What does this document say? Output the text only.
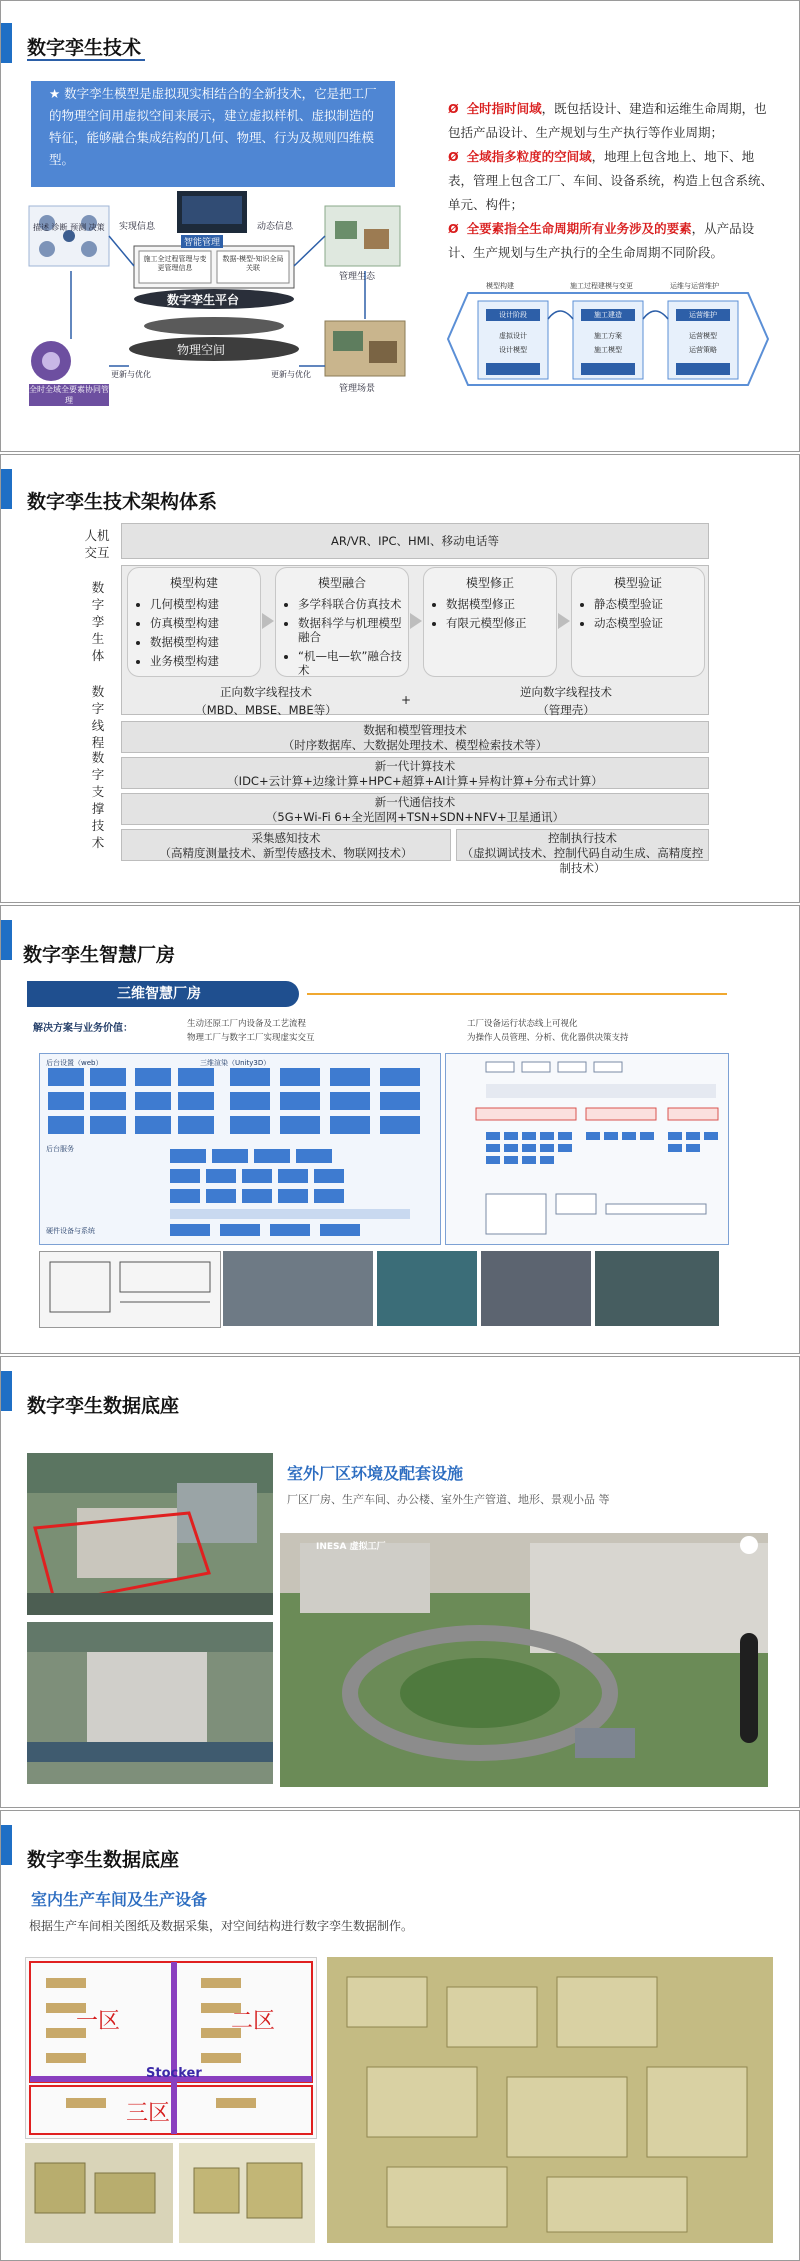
数字孪生技术
★ 数字孪生模型是虚拟现实相结合的全新技术，它是把工厂的物理空间用虚拟空间来展示，建立虚拟样机、虚拟制造的特征，能够融合集成结构的几何、物理、行为及规则四维模型。
描述 诊断 预测 决策	实现信息
智能管理
动态信息
管理生态
施工全过程管理与变更管理信息
数据-模型-知识全局关联
数字孪生平台
物理空间
全时全域全要素协同管理
更新与优化	更新与优化
管理场景
Ø 全时指时间域，既包括设计、建造和运维生命周期，也包括产品设计、生产规划与生产执行等作业周期；
Ø 全域指多粒度的空间域，地理上包含地上、地下、地表，管理上包含工厂、车间、设备系统，构造上包含系统、单元、构件；
Ø 全要素指全生命周期所有业务涉及的要素，从产品设计、生产规划与生产执行的全生命周期不同阶段。
模型构建	施工过程建模与变更	运维与运营维护
设计阶段	施工建造	运营维护
虚拟设计
设计模型
施工方案
施工模型
运营模型
运营策略
数字孪生技术架构体系
人机交互
AR/VR、IPC、HMI、移动电话等
数字孪生体
模型构建
• 几何模型构建
• 仿真模型构建
• 数据模型构建
• 业务模型构建
模型融合
• 多学科联合仿真技术
• 数据科学与机理模型融合
• “机—电—软”融合技术
模型修正
• 数据模型修正
• 有限元模型修正
模型验证
• 静态模型验证
• 动态模型验证
数字线程
正向数字线程技术
（MBD、MBSE、MBE等）
+
逆向数字线程技术
（管理壳）
数字支撑技术
数据和模型管理技术
（时序数据库、大数据处理技术、模型检索技术等）
新一代计算技术
（IDC+云计算+边缘计算+HPC+超算+AI计算+异构计算+分布式计算）
新一代通信技术
（5G+Wi-Fi 6+全光固网+TSN+SDN+NFV+卫星通讯）
采集感知技术
（高精度测量技术、新型传感技术、物联网技术）
控制执行技术
（虚拟调试技术、控制代码自动生成、高精度控制技术）
数字孪生智慧厂房
三维智慧厂房
解决方案与业务价值：	生动还原工厂内设备及工艺流程
物理工厂与数字工厂实现虚实交互
工厂设备运行状态线上可视化
为操作人员管理、分析、优化器供决策支持
后台设置（web）	三维渲染（Unity3D）
后台服务
硬件设备与系统
数字孪生数据底座
室外厂区环境及配套设施
厂区厂房、生产车间、办公楼、室外生产管道、地形、景观小品 等
INESA 虚拟工厂
数字孪生数据底座
室内生产车间及生产设备
根据生产车间相关图纸及数据采集，对空间结构进行数字孪生数据制作。
一区	二区
三区
Stocker
